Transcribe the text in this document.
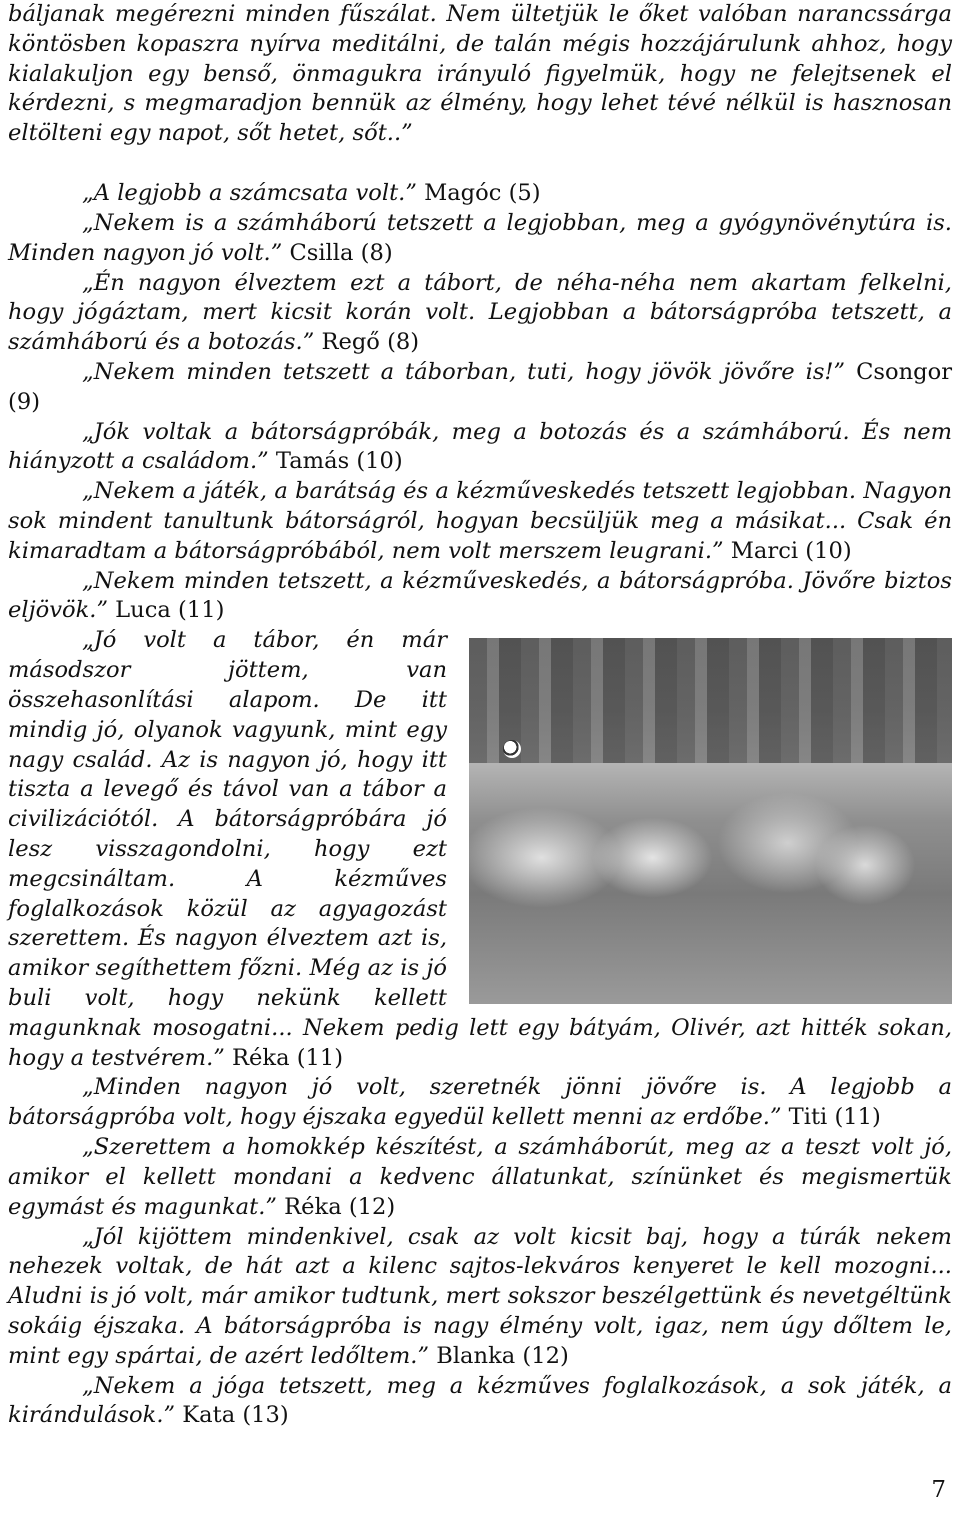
báljanak megérezni minden fűszálat. Nem ültetjük le őket valóban narancssárga köntösben kopaszra nyírva meditálni, de talán mégis hozzájárulunk ahhoz, hogy kialakuljon egy benső, önmagukra irányuló figyelmük, hogy ne felejtsenek el kérdezni, s megmaradjon bennük az élmény, hogy lehet tévé nélkül is hasznosan eltölteni egy napot, sőt hetet, sőt..”

„A legjobb a számcsata volt.” Magóc (5)

„Nekem is a számháború tetszett a legjobban, meg a gyógynövénytúra is. Minden nagyon jó volt.” Csilla (8)

„Én nagyon élveztem ezt a tábort, de néha-néha nem akartam felkelni, hogy jógáztam, mert kicsit korán volt. Legjobban a bátorságpróba tetszett, a számháború és a botozás.” Regő (8)

„Nekem minden tetszett a táborban, tuti, hogy jövök jövőre is!” Csongor (9)

„Jók voltak a bátorságpróbák, meg a botozás és a számháború. És nem hiányzott a családom.” Tamás (10)

„Nekem a játék, a barátság és a kézműveskedés tetszett legjobban. Nagyon sok mindent tanultunk bátorságról, hogyan becsüljük meg a másikat... Csak én kimaradtam a bátorságpróbából, nem volt merszem leugrani.” Marci (10)

„Nekem minden tetszett, a kézműveskedés, a bátorságpróba. Jövőre biztos eljövök.” Luca (11)

„Jó volt a tábor, én már másodszor jöttem, van összehasonlítási alapom. De itt mindig jó, olyanok vagyunk, mint egy nagy család. Az is nagyon jó, hogy itt tiszta a levegő és távol van a tábor a civilizációtól. A bátorságpróbára jó lesz visszagondolni, hogy ezt megcsináltam. A kézműves foglalkozások közül az agyagozást szerettem. És nagyon élveztem azt is, amikor segíthettem főzni. Még az is jó buli volt, hogy nekünk kellett magunknak mosogatni... Nekem pedig lett egy bátyám, Olivér, azt hitték sokan, hogy a testvérem.” Réka (11)

„Minden nagyon jó volt, szeretnék jönni jövőre is. A legjobb a bátorságpróba volt, hogy éjszaka egyedül kellett menni az erdőbe.” Titi (11)

„Szerettem a homokkép készítést, a számháborút, meg az a teszt volt jó, amikor el kellett mondani a kedvenc állatunkat, színünket és megismertük egymást és magunkat.” Réka (12)

„Jól kijöttem mindenkivel, csak az volt kicsit baj, hogy a túrák nekem nehezek voltak, de hát azt a kilenc sajtos-lekváros kenyeret le kell mozogni... Aludni is jó volt, már amikor tudtunk, mert sokszor beszélgettünk és nevetgéltünk sokáig éjszaka. A bátorságpróba is nagy élmény volt, igaz, nem úgy dőltem le, mint egy spártai, de azért ledőltem.” Blanka (12)

„Nekem a jóga tetszett, meg a kézműves foglalkozások, a sok játék, a kirándulások.” Kata (13)

7
